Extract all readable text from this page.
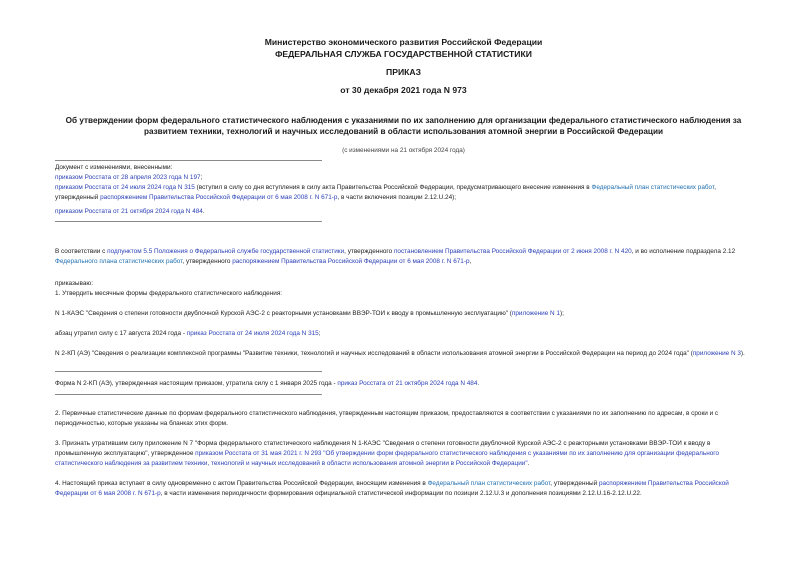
Министерство экономического развития Российской Федерации
ФЕДЕРАЛЬНАЯ СЛУЖБА ГОСУДАРСТВЕННОЙ СТАТИСТИКИ
ПРИКАЗ
от 30 декабря 2021 года N 973
Об утверждении форм федерального статистического наблюдения с указаниями по их заполнению для организации федерального статистического наблюдения за развитием техники, технологий и научных исследований в области использования атомной энергии в Российской Федерации
(с изменениями на 21 октября 2024 года)
Документ с изменениями, внесенными:
приказом Росстата от 28 апреля 2023 года N 197;
приказом Росстата от 24 июля 2024 года N 315 (вступил в силу со дня вступления в силу акта Правительства Российской Федерации, предусматривающего внесение изменения в Федеральный план статистических работ, утвержденный распоряжением Правительства Российской Федерации от 6 мая 2008 г. N 671-р, в части включения позиции 2.12.U.24);
приказом Росстата от 21 октября 2024 года N 484.
В соответствии с подпунктом 5.5 Положения о Федеральной службе государственной статистики, утвержденного постановлением Правительства Российской Федерации от 2 июня 2008 г. N 420, и во исполнение подраздела 2.12 Федерального плана статистических работ, утвержденного распоряжением Правительства Российской Федерации от 6 мая 2008 г. N 671-р,
приказываю:
1. Утвердить месячные формы федерального статистического наблюдения:
N 1-КАЭС "Сведения о степени готовности двублочной Курской АЭС-2 с реакторными установками ВВЭР-ТОИ к вводу в промышленную эксплуатацию" (приложение N 1);
абзац утратил силу с 17 августа 2024 года - приказ Росстата от 24 июля 2024 года N 315;
N 2-КП (АЭ) "Сведения о реализации комплексной программы "Развитие техники, технологий и научных исследований в области использования атомной энергии в Российской Федерации на период до 2024 года" (приложение N 3).
Форма N 2-КП (АЭ), утвержденная настоящим приказом, утратила силу с 1 января 2025 года - приказ Росстата от 21 октября 2024 года N 484.
2. Первичные статистические данные по формам федерального статистического наблюдения, утвержденным настоящим приказом, предоставляются в соответствии с указаниями по их заполнению по адресам, в сроки и с периодичностью, которые указаны на бланках этих форм.
3. Признать утратившим силу приложение N 7 "Форма федерального статистического наблюдения N 1-КАЭС "Сведения о степени готовности двублочной Курской АЭС-2 с реакторными установками ВВЭР-ТОИ к вводу в промышленную эксплуатацию", утвержденное приказом Росстата от 31 мая 2021 г. N 293 "Об утверждении форм федерального статистического наблюдения с указаниями по их заполнению для организации федерального статистического наблюдения за развитием техники, технологий и научных исследований в области использования атомной энергии в Российской Федерации".
4. Настоящий приказ вступает в силу одновременно с актом Правительства Российской Федерации, вносящим изменения в Федеральный план статистических работ, утвержденный распоряжением Правительства Российской Федерации от 6 мая 2008 г. N 671-р, в части изменения периодичности формирования официальной статистической информации по позиции 2.12.U.3 и дополнения позициями 2.12.U.16-2.12.U.22.
